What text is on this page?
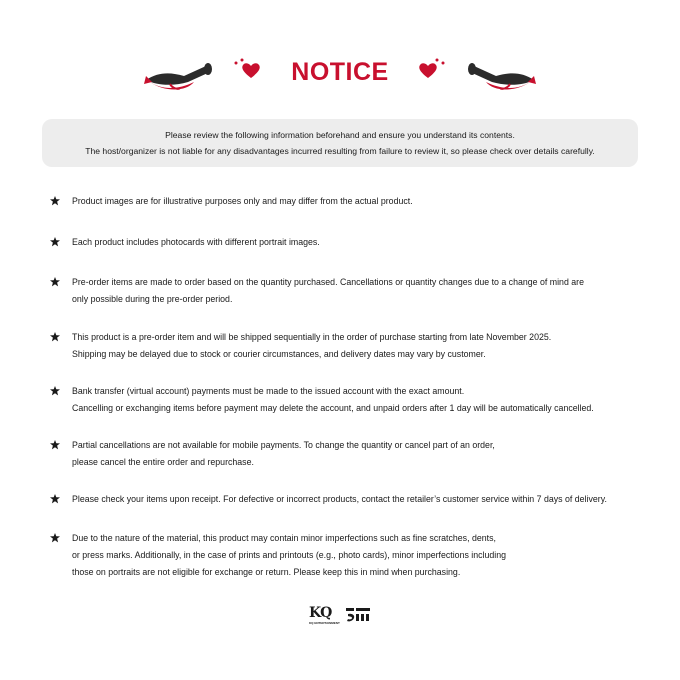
NOTICE
Please review the following information beforehand and ensure you understand its contents.
The host/organizer is not liable for any disadvantages incurred resulting from failure to review it, so please check over details carefully.
Product images are for illustrative purposes only and may differ from the actual product.
Each product includes photocards with different portrait images.
Pre-order items are made to order based on the quantity purchased. Cancellations or quantity changes due to a change of mind are
only possible during the pre-order period.
This product is a pre-order item and will be shipped sequentially in the order of purchase starting from late November 2025.
Shipping may be delayed due to stock or courier circumstances, and delivery dates may vary by customer.
Bank transfer (virtual account) payments must be made to the issued account with the exact amount.
Cancelling or exchanging items before payment may delete the account, and unpaid orders after 1 day will be automatically cancelled.
Partial cancellations are not available for mobile payments. To change the quantity or cancel part of an order,
please cancel the entire order and repurchase.
Please check your items upon receipt. For defective or incorrect products, contact the retailer’s customer service within 7 days of delivery.
Due to the nature of the material, this product may contain minor imperfections such as fine scratches, dents,
or press marks. Additionally, in the case of prints and printouts (e.g., photo cards), minor imperfections including
those on portraits are not eligible for exchange or return. Please keep this in mind when purchasing.
KQ
KQ ENTERTAINMENT
